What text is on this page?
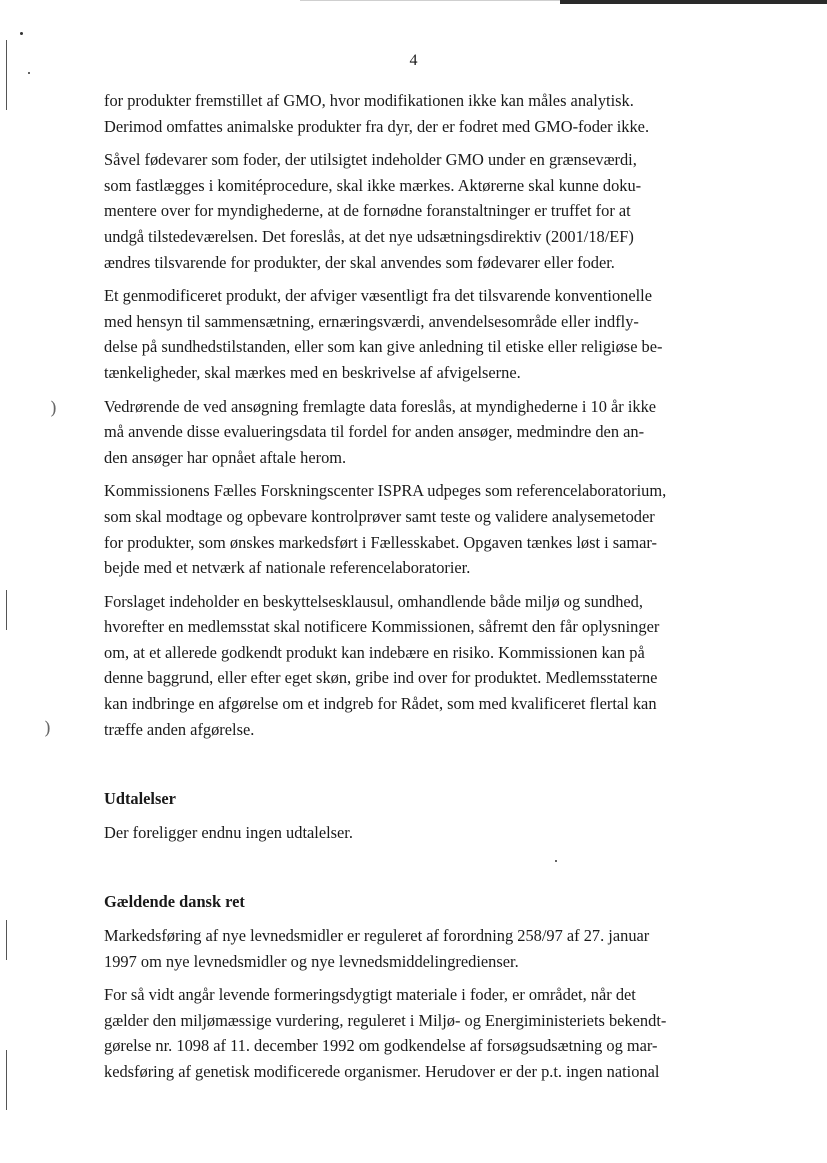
)
)
4
for produkter fremstillet af GMO, hvor modifikationen ikke kan måles analytisk.
Derimod omfattes animalske produkter fra dyr, der er fodret med GMO-foder ikke.
Såvel fødevarer som foder, der utilsigtet indeholder GMO under en grænseværdi,
som fastlægges i komitéprocedure, skal ikke mærkes. Aktørerne skal kunne doku-
mentere over for myndighederne, at de fornødne foranstaltninger er truffet for at
undgå tilstedeværelsen. Det foreslås, at det nye udsætningsdirektiv (2001/18/EF)
ændres tilsvarende for produkter, der skal anvendes som fødevarer eller foder.
Et genmodificeret produkt, der afviger væsentligt fra det tilsvarende konventionelle
med hensyn til sammensætning, ernæringsværdi, anvendelsesområde eller indfly-
delse på sundhedstilstanden, eller som kan give anledning til etiske eller religiøse be-
tænkeligheder, skal mærkes med en beskrivelse af afvigelserne.
Vedrørende de ved ansøgning fremlagte data foreslås, at myndighederne i 10 år ikke
må anvende disse evalueringsdata til fordel for anden ansøger, medmindre den an-
den ansøger har opnået aftale herom.
Kommissionens Fælles Forskningscenter ISPRA udpeges som referencelaboratorium,
som skal modtage og opbevare kontrolprøver samt teste og validere analysemetoder
for produkter, som ønskes markedsført i Fællesskabet. Opgaven tænkes løst i samar-
bejde med et netværk af nationale referencelaboratorier.
Forslaget indeholder en beskyttelsesklausul, omhandlende både miljø og sundhed,
hvorefter en medlemsstat skal notificere Kommissionen, såfremt den får oplysninger
om, at et allerede godkendt produkt kan indebære en risiko. Kommissionen kan på
denne baggrund, eller efter eget skøn, gribe ind over for produktet. Medlemsstaterne
kan indbringe en afgørelse om et indgreb for Rådet, som med kvalificeret flertal kan
træffe anden afgørelse.
Udtalelser
Der foreligger endnu ingen udtalelser.
Gældende dansk ret
Markedsføring af nye levnedsmidler er reguleret af forordning 258/97 af 27. januar
1997 om nye levnedsmidler og nye levnedsmiddelingredienser.
For så vidt angår levende formeringsdygtigt materiale i foder, er området, når det
gælder den miljømæssige vurdering, reguleret i Miljø- og Energiministeriets bekendt-
gørelse nr. 1098 af 11. december 1992 om godkendelse af forsøgsudsætning og mar-
kedsføring af genetisk modificerede organismer. Herudover er der p.t. ingen national
